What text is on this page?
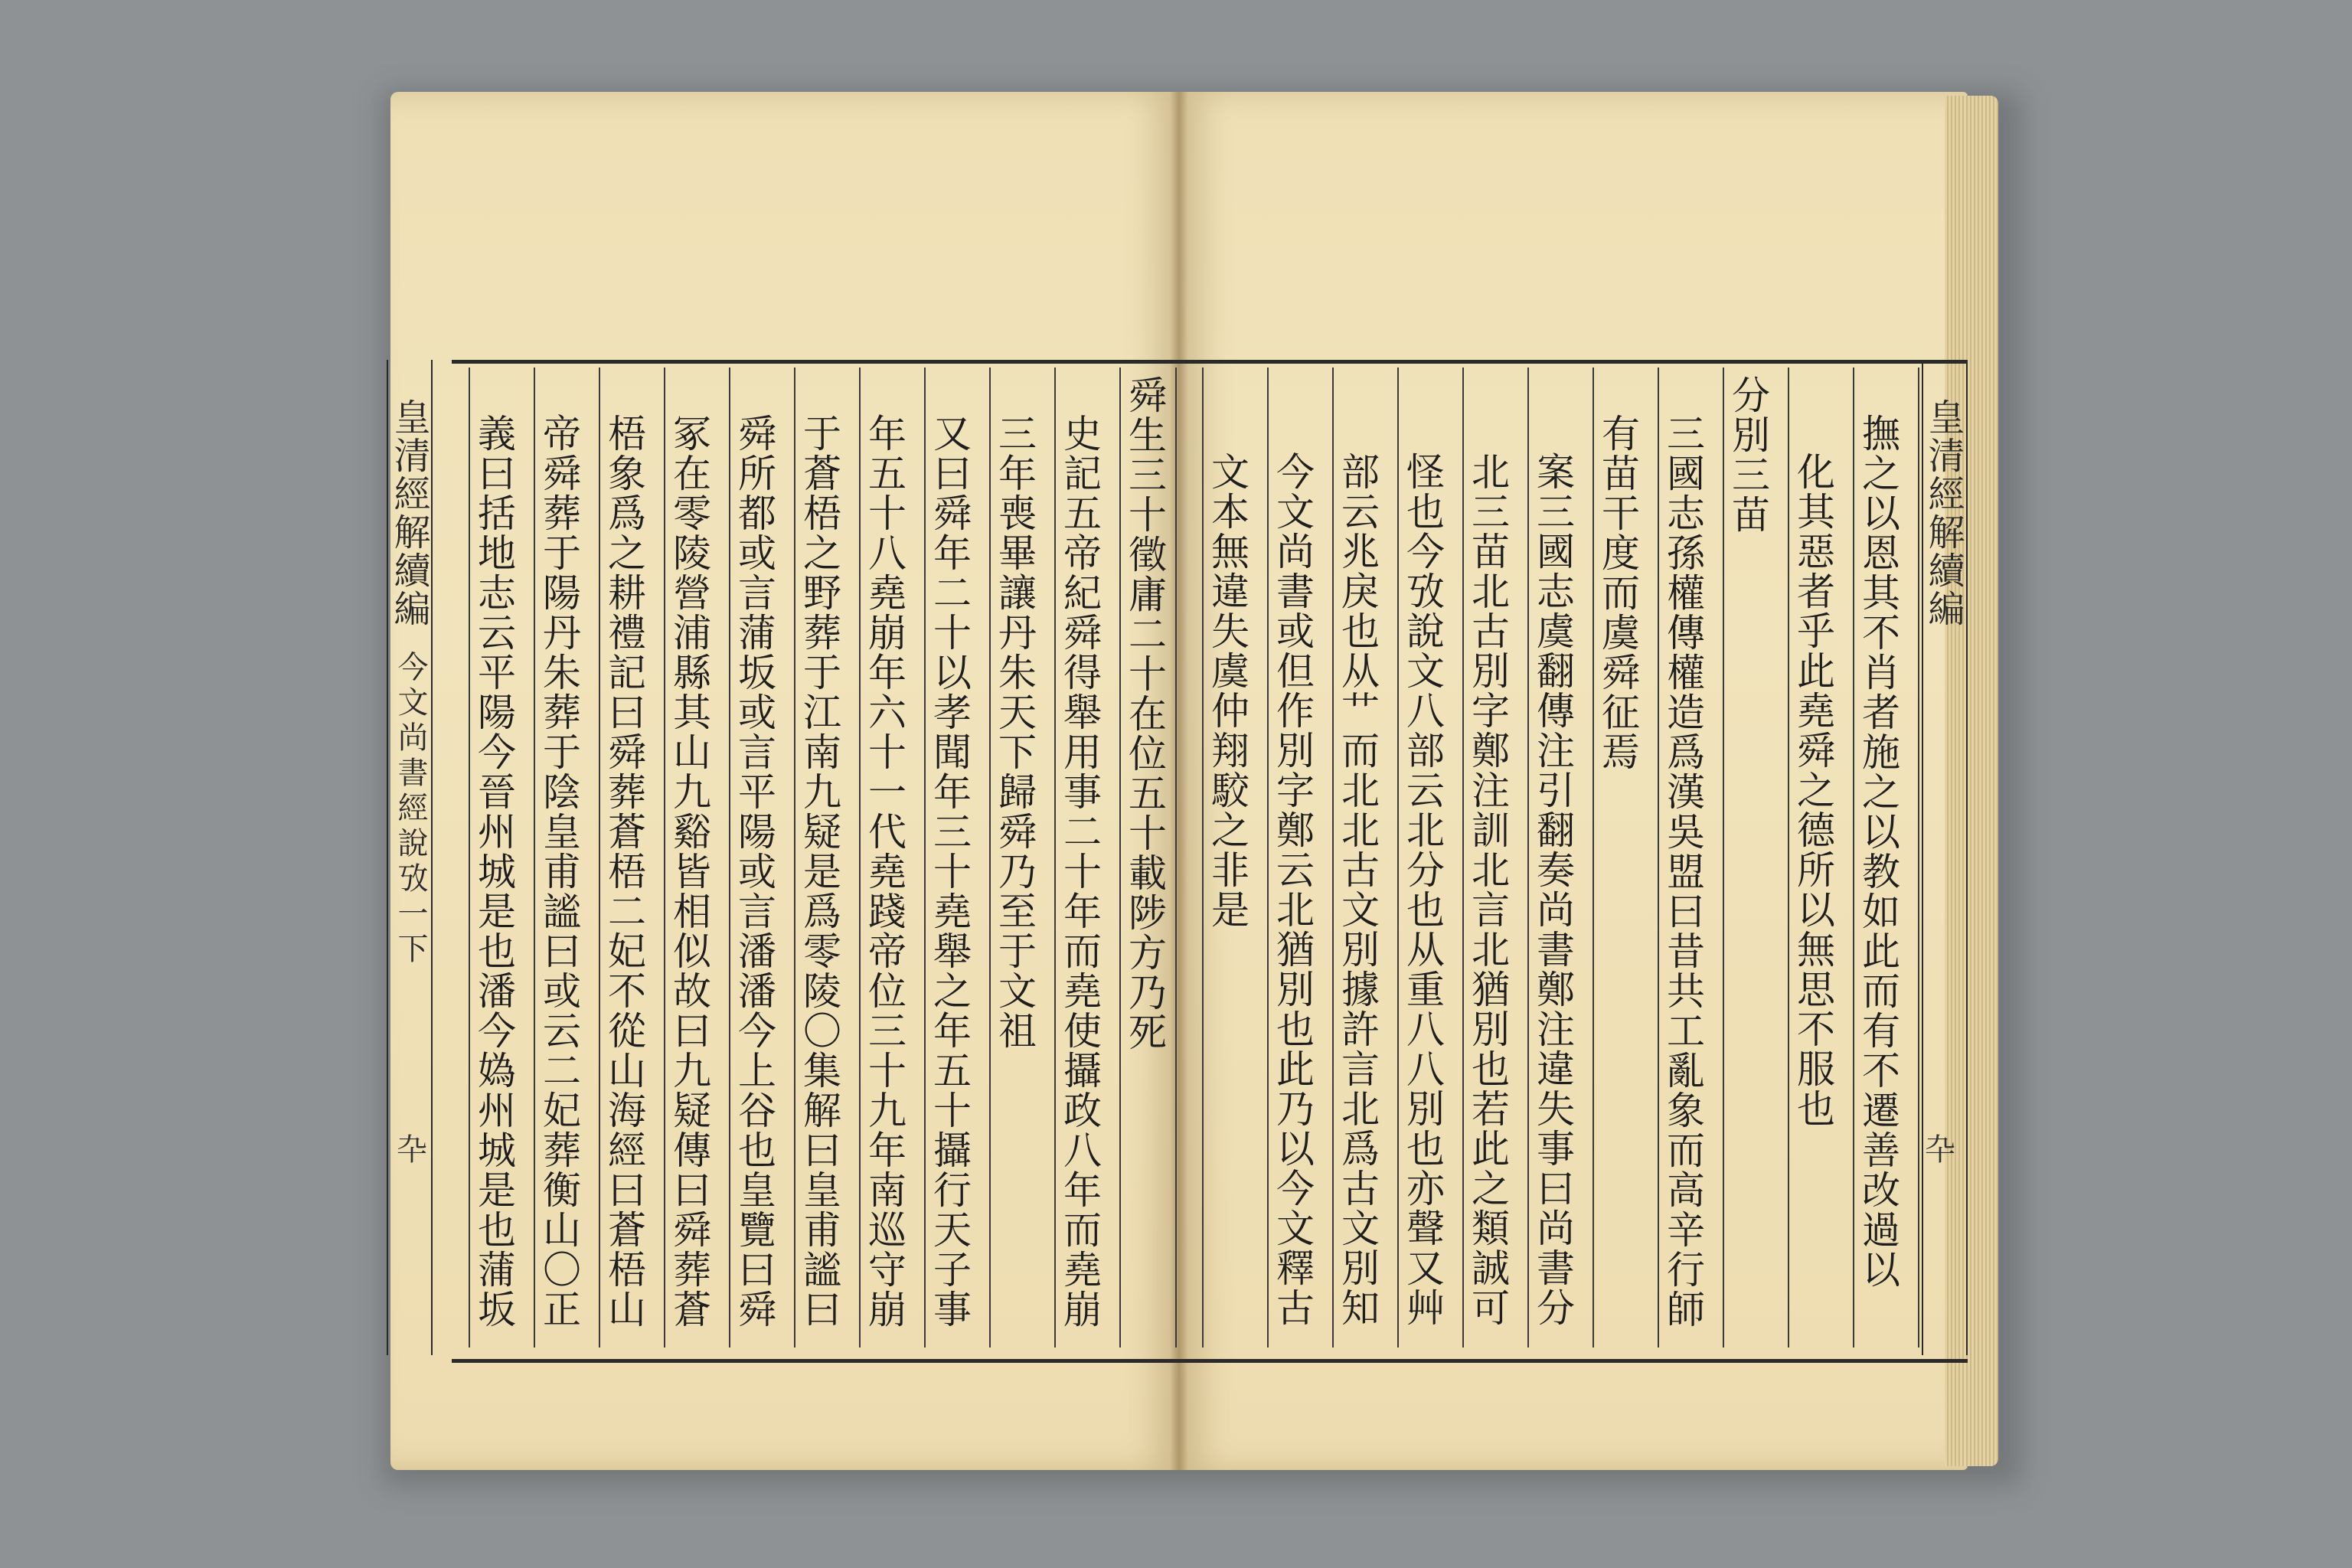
皇清經解續編
今文尚書經說攷一下
卆
皇清經解續編
卆
舜生三十徵庸二十在位五十載陟方乃死
史記五帝紀舜得舉用事二十年而堯使攝政八年而堯崩
三年喪畢讓丹朱天下歸舜乃至于文祖
又曰舜年二十以孝聞年三十堯舉之年五十攝行天子事
年五十八堯崩年六十一代堯踐帝位三十九年南巡守崩
于蒼梧之野葬于江南九疑是爲零陵〇集解曰皇甫謐曰
舜所都或言蒲坂或言平陽或言潘潘今上谷也皇覽曰舜
冢在零陵營浦縣其山九谿皆相似故曰九疑傳曰舜葬蒼
梧象爲之耕禮記曰舜葬蒼梧二妃不從山海經曰蒼梧山
帝舜葬于陽丹朱葬于陰皇甫謐曰或云二妃葬衡山〇正
義曰括地志云平陽今晉州城是也潘今媯州城是也蒲坂	撫之以恩其不肖者施之以教如此而有不遷善改過以
化其惡者乎此堯舜之德所以無思不服也
分別三苗
三國志孫權傳權造爲漢吳盟曰昔共工亂象而高辛行師
有苗干度而虞舜征焉
案三國志虞翻傳注引翻奏尚書鄭注違失事曰尚書分
北三苗北古別字鄭注訓北言北猶別也若此之類誠可
怪也今攷說文八部云北分也从重八八別也亦聲又艸
部云兆戾也从艹而北北古文別據許言北爲古文別知
今文尚書或但作別字鄭云北猶別也此乃以今文釋古
文本無違失虞仲翔駮之非是
